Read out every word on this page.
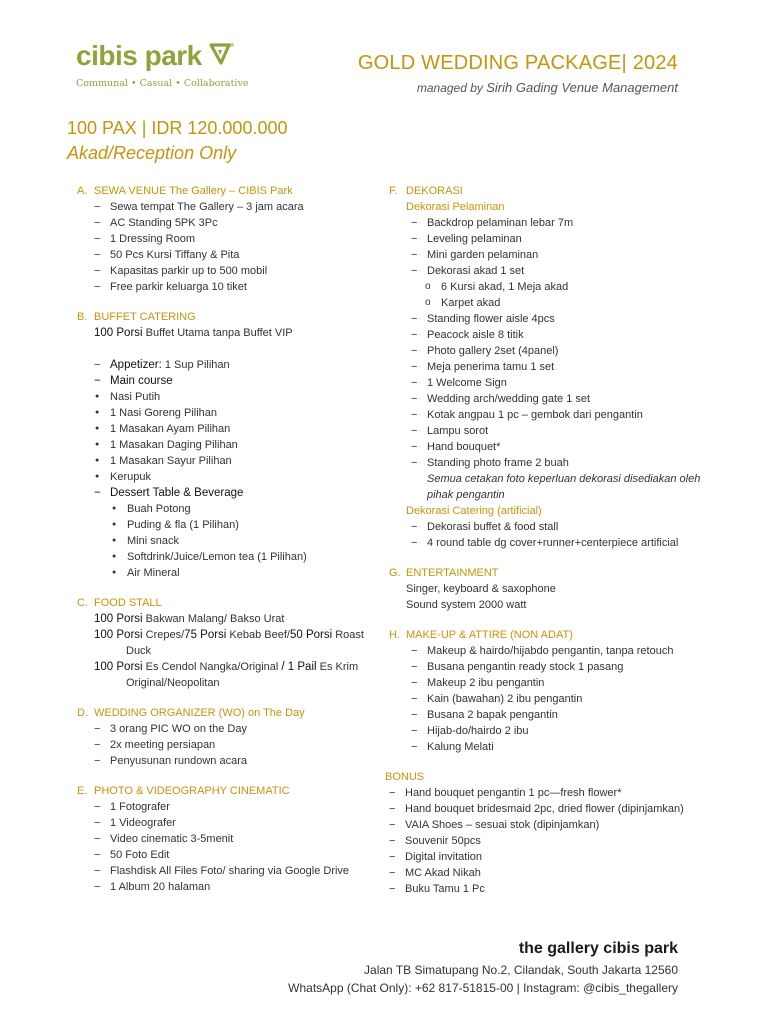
cibis park
Communal • Casual • Collaborative
GOLD WEDDING PACKAGE| 2024
managed by Sirih Gading Venue Management
100 PAX | IDR 120.000.000
Akad/Reception Only
A. SEWA VENUE The Gallery – CIBIS Park
− Sewa tempat The Gallery – 3 jam acara
− AC Standing 5PK 3Pc
− 1 Dressing Room
− 50 Pcs Kursi Tiffany & Pita
− Kapasitas parkir up to 500 mobil
− Free parkir keluarga 10 tiket
B. BUFFET CATERING
100 Porsi Buffet Utama tanpa Buffet VIP
− Appetizer: 1 Sup Pilihan
− Main course
● Nasi Putih
● 1 Nasi Goreng Pilihan
● 1 Masakan Ayam Pilihan
● 1 Masakan Daging Pilihan
● 1 Masakan Sayur Pilihan
● Kerupuk
− Dessert Table & Beverage
● Buah Potong
● Puding & fla (1 Pilihan)
● Mini snack
● Softdrink/Juice/Lemon tea (1 Pilihan)
● Air Mineral
C. FOOD STALL
100 Porsi Bakwan Malang/ Bakso Urat
100 Porsi Crepes/75 Porsi Kebab Beef/50 Porsi Roast Duck
100 Porsi Es Cendol Nangka/Original / 1 Pail Es Krim Original/Neopolitan
D. WEDDING ORGANIZER (WO) on The Day
− 3 orang PIC WO on the Day
− 2x meeting persiapan
− Penyusunan rundown acara
E. PHOTO & VIDEOGRAPHY CINEMATIC
− 1 Fotografer
− 1 Videografer
− Video cinematic 3-5menit
− 50 Foto Edit
− Flashdisk All Files Foto/ sharing via Google Drive
− 1 Album 20 halaman
F. DEKORASI
Dekorasi Pelaminan
− Backdrop pelaminan lebar 7m
− Leveling pelaminan
− Mini garden pelaminan
− Dekorasi akad 1 set
o 6 Kursi akad, 1 Meja akad
o Karpet akad
− Standing flower aisle 4pcs
− Peacock aisle 8 titik
− Photo gallery 2set (4panel)
− Meja penerima tamu 1 set
− 1 Welcome Sign
− Wedding arch/wedding gate 1 set
− Kotak angpau 1 pc – gembok dari pengantin
− Lampu sorot
− Hand bouquet*
− Standing photo frame 2 buah
Semua cetakan foto keperluan dekorasi disediakan oleh pihak pengantin
Dekorasi Catering (artificial)
− Dekorasi buffet & food stall
− 4 round table dg cover+runner+centerpiece artificial
G. ENTERTAINMENT
Singer, keyboard & saxophone
Sound system 2000 watt
H. MAKE-UP & ATTIRE (NON ADAT)
− Makeup & hairdo/hijabdo pengantin, tanpa retouch
− Busana pengantin ready stock 1 pasang
− Makeup 2 ibu pengantin
− Kain (bawahan) 2 ibu pengantin
− Busana 2 bapak pengantin
− Hijab-do/hairdo 2 ibu
− Kalung Melati
BONUS
− Hand bouquet pengantin 1 pc—fresh flower*
− Hand bouquet bridesmaid 2pc, dried flower (dipinjamkan)
− VAIA Shoes – sesuai stok (dipinjamkan)
− Souvenir 50pcs
− Digital invitation
− MC Akad Nikah
− Buku Tamu 1 Pc
the gallery cibis park
Jalan TB Simatupang No.2, Cilandak, South Jakarta 12560
WhatsApp (Chat Only): +62 817-51815-00 | Instagram: @cibis_thegallery
